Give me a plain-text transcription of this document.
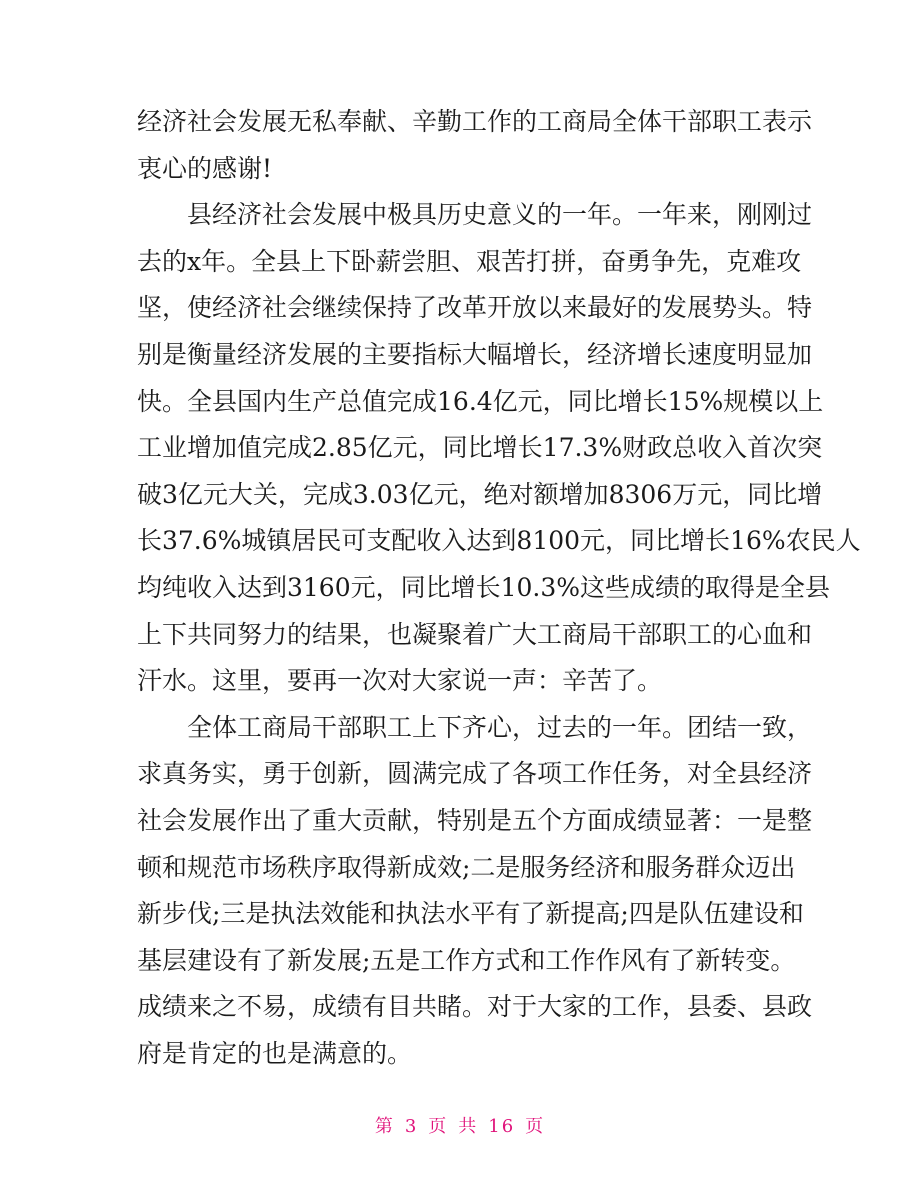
经济社会发展无私奉献、辛勤工作的工商局全体干部职工表示
衷心的感谢!
县经济社会发展中极具历史意义的一年。一年来，刚刚过
去的x年。全县上下卧薪尝胆、艰苦打拼，奋勇争先，克难攻
坚，使经济社会继续保持了改革开放以来最好的发展势头。特
别是衡量经济发展的主要指标大幅增长，经济增长速度明显加
快。全县国内生产总值完成16.4亿元，同比增长15%规模以上
工业增加值完成2.85亿元，同比增长17.3%财政总收入首次突
破3亿元大关，完成3.03亿元，绝对额增加8306万元，同比增
长37.6%城镇居民可支配收入达到8100元，同比增长16%农民人
均纯收入达到3160元，同比增长10.3%这些成绩的取得是全县
上下共同努力的结果，也凝聚着广大工商局干部职工的心血和
汗水。这里，要再一次对大家说一声：辛苦了。
全体工商局干部职工上下齐心，过去的一年。团结一致，
求真务实，勇于创新，圆满完成了各项工作任务，对全县经济
社会发展作出了重大贡献，特别是五个方面成绩显著：一是整
顿和规范市场秩序取得新成效;二是服务经济和服务群众迈出
新步伐;三是执法效能和执法水平有了新提高;四是队伍建设和
基层建设有了新发展;五是工作方式和工作作风有了新转变。
成绩来之不易，成绩有目共睹。对于大家的工作，县委、县政
府是肯定的也是满意的。
第 3 页 共 16 页
